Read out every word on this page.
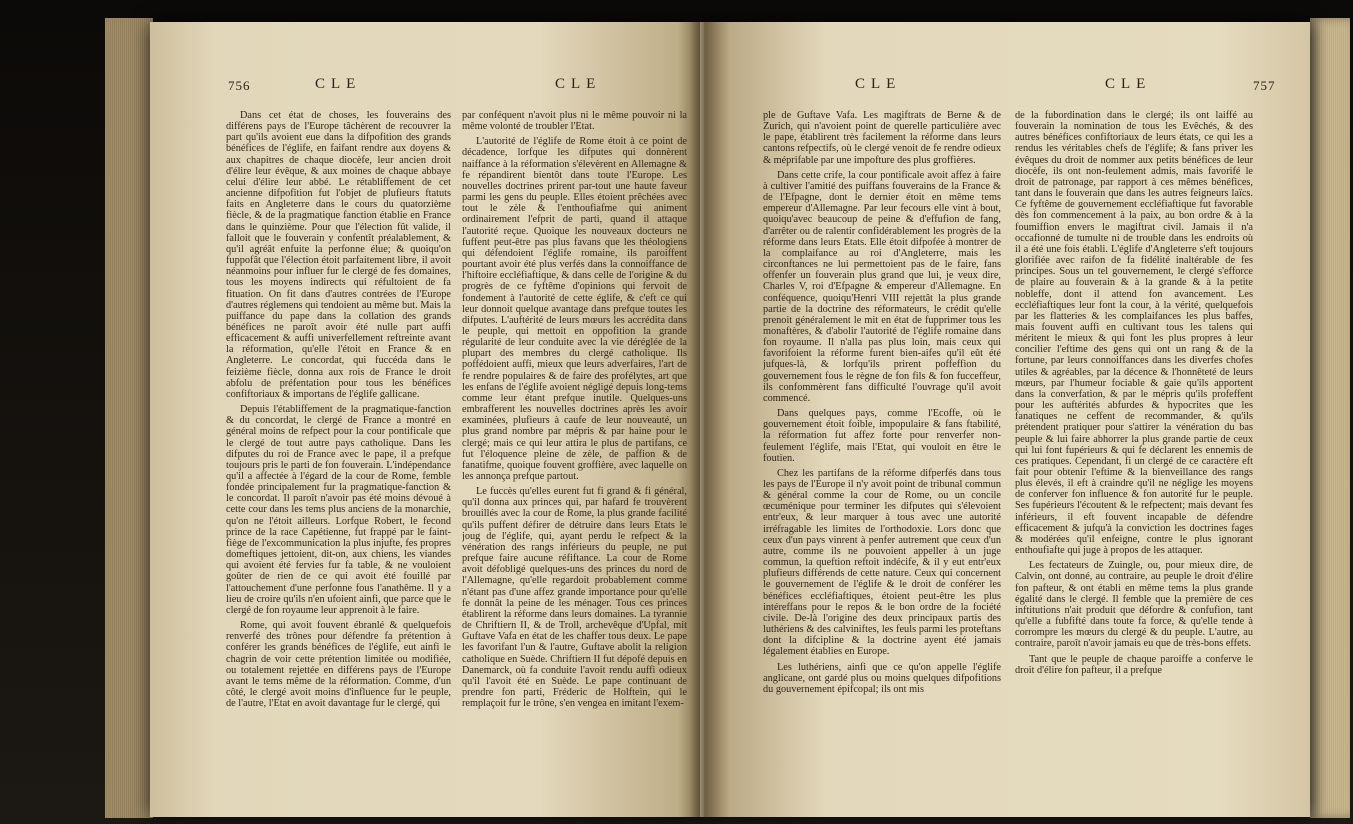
756	CLE	CLE

Dans cet état de choses, les fouverains des différens pays de l'Europe tâchèrent de recouvrer la part qu'ils avoient eue dans la difpofition des grands bénéfices de l'églife, en faifant rendre aux doyens & aux chapitres de chaque diocèfe, leur ancien droit d'élire leur évêque, & aux moines de chaque abbaye celui d'élire leur abbé. Le rétabliffement de cet ancienne difpofition fut l'objet de plufieurs ftatuts faits en Angleterre dans le cours du quatorzième fiècle, & de la pragmatique fanction établie en France dans le quinzième. Pour que l'élection fût valide, il falloit que le fouverain y confentît préalablement, & qu'il agréât enfuite la perfonne élue; & quoiqu'on fuppofât que l'élection étoit parfaitement libre, il avoit néanmoins pour influer fur le clergé de fes domaines, tous les moyens indirects qui réfultoient de fa fituation. On fit dans d'autres contrées de l'Europe d'autres réglemens qui tendoient au même but. Mais la puiffance du pape dans la collation des grands bénéfices ne paroît avoir été nulle part auffi efficacement & auffi univerfellement reftreinte avant la réformation, qu'elle l'étoit en France & en Angleterre. Le concordat, qui fuccéda dans le feizième fiècle, donna aux rois de France le droit abfolu de préfentation pour tous les bénéfices confiftoriaux & importans de l'églife gallicane.

Depuis l'établiffement de la pragmatique-fanction & du concordat, le clergé de France a montré en général moins de refpect pour la cour pontificale que le clergé de tout autre pays catholique. Dans les difputes du roi de France avec le pape, il a prefque toujours pris le parti de fon fouverain. L'indépendance qu'il a affectée à l'égard de la cour de Rome, femble fondée principalement fur la pragmatique-fanction & le concordat. Il paroît n'avoir pas été moins dévoué à cette cour dans les tems plus anciens de la monarchie, qu'on ne l'étoit ailleurs. Lorfque Robert, le fecond prince de la race Capétienne, fut frappé par le faint-fiège de l'excommunication la plus injufte, fes propres domeftiques jettoient, dit-on, aux chiens, les viandes qui avoient été fervies fur fa table, & ne vouloient goûter de rien de ce qui avoit été fouillé par l'attouchement d'une perfonne fous l'anathême. Il y a lieu de croire qu'ils n'en ufoient ainfi, que parce que le clergé de fon royaume leur apprenoit à le faire.

Rome, qui avoit fouvent ébranlé & quelquefois renverfé des trônes pour défendre fa prétention à conférer les grands bénéfices de l'églife, eut ainfi le chagrin de voir cette prétention limitée ou modifiée, ou totalement rejettée en différens pays de l'Europe avant le tems même de la réformation. Comme, d'un côté, le clergé avoit moins d'influence fur le peuple, de l'autre, l'Etat en avoit davantage fur le clergé, qui

par conféquent n'avoit plus ni le même pouvoir ni la même volonté de troubler l'Etat.

L'autorité de l'églife de Rome étoit à ce point de décadence, lorfque les difputes qui donnèrent naiffance à la réformation s'élevèrent en Allemagne & fe répandirent bientôt dans toute l'Europe. Les nouvelles doctrines prirent par-tout une haute faveur parmi les gens du peuple. Elles étoient prêchées avec tout le zèle & l'enthoufiafme qui animent ordinairement l'efprit de parti, quand il attaque l'autorité reçue. Quoique les nouveaux docteurs ne fuffent peut-être pas plus favans que les théologiens qui défendoient l'églife romaine, ils paroiffent pourtant avoir été plus verfés dans la connoiffance de l'hiftoire eccléfiaftique, & dans celle de l'origine & du progrès de ce fyftême d'opinions qui fervoit de fondement à l'autorité de cette églife, & c'eft ce qui leur donnoit quelque avantage dans prefque toutes les difputes. L'auftérité de leurs mœurs les accrédita dans le peuple, qui mettoit en oppofition la grande régularité de leur conduite avec la vie déréglée de la plupart des membres du clergé catholique. Ils poffédoient auffi, mieux que leurs adverfaires, l'art de fe rendre populaires & de faire des profélytes, art que les enfans de l'églife avoient négligé depuis long-tems comme leur étant prefque inutile. Quelques-uns embrafferent les nouvelles doctrines après les avoir examinées, plufieurs à caufe de leur nouveauté, un plus grand nombre par mépris & par haine pour le clergé; mais ce qui leur attira le plus de partifans, ce fut l'éloquence pleine de zèle, de paffion & de fanatifme, quoique fouvent groffière, avec laquelle on les annonça prefque partout.

Le fuccès qu'elles eurent fut fi grand & fi général, qu'il donna aux princes qui, par hafard fe trouvèrent brouillés avec la cour de Rome, la plus grande facilité qu'ils puffent défirer de détruire dans leurs Etats le joug de l'églife, qui, ayant perdu le refpect & la vénération des rangs inférieurs du peuple, ne put prefque faire aucune réfiftance. La cour de Rome avoit défobligé quelques-uns des princes du nord de l'Allemagne, qu'elle regardoit probablement comme n'étant pas d'une affez grande importance pour qu'elle fe donnât la peine de les ménager. Tous ces princes établirent la réforme dans leurs domaines. La tyrannie de Chriftiern II, & de Troll, archevêque d'Upfal, mit Guftave Vafa en état de les chaffer tous deux. Le pape les favorifant l'un & l'autre, Guftave abolit la religion catholique en Suède. Chriftiern II fut dépofé depuis en Danemarck, où fa conduite l'avoit rendu auffi odieux qu'il l'avoit été en Suède. Le pape continuant de prendre fon parti, Fréderic de Holftein, qui le remplaçoit fur le trône, s'en vengea en imitant l'exem-

CLE	CLE	757

ple de Guftave Vafa. Les magiftrats de Berne & de Zurich, qui n'avoient point de querelle particulière avec le pape, établirent très facilement la réforme dans leurs cantons refpectifs, où le clergé venoit de fe rendre odieux & méprifable par une impofture des plus groffières.

Dans cette crife, la cour pontificale avoit affez à faire à cultiver l'amitié des puiffans fouverains de la France & de l'Efpagne, dont le dernier étoit en même tems empereur d'Allemagne. Par leur fecours elle vint à bout, quoiqu'avec beaucoup de peine & d'effufion de fang, d'arrêter ou de ralentir confidérablement les progrès de la réforme dans leurs Etats. Elle étoit difpofée à montrer de la complaifance au roi d'Angleterre, mais les circonftances ne lui permettoient pas de le faire, fans offenfer un fouverain plus grand que lui, je veux dire, Charles V, roi d'Efpagne & empereur d'Allemagne. En conféquence, quoiqu'Henri VIII rejettât la plus grande partie de la doctrine des réformateurs, le crédit qu'elle prenoit généralement le mit en état de fupprimer tous les monaftères, & d'abolir l'autorité de l'églife romaine dans fon royaume. Il n'alla pas plus loin, mais ceux qui favorifoient la réforme furent bien-aifes qu'il eût été jufques-là, & lorfqu'ils prirent poffeffion du gouvernement fous le règne de fon fils & fon fucceffeur, ils confommèrent fans difficulté l'ouvrage qu'il avoit commencé.

Dans quelques pays, comme l'Ecoffe, où le gouvernement étoit foible, impopulaire & fans ftabilité, la réformation fut affez forte pour renverfer non-feulement l'églife, mais l'Etat, qui vouloit en être le foutien.

Chez les partifans de la réforme difperfés dans tous les pays de l'Europe il n'y avoit point de tribunal commun & général comme la cour de Rome, ou un concile œcuménique pour terminer les difputes qui s'élevoient entr'eux, & leur marquer à tous avec une autorité irréfragable les limites de l'orthodoxie. Lors donc que ceux d'un pays vinrent à penfer autrement que ceux d'un autre, comme ils ne pouvoient appeller à un juge commun, la queftion reftoit indécife, & il y eut entr'eux plufieurs différends de cette nature. Ceux qui concernent le gouvernement de l'églife & le droit de conférer les bénéfices eccléfiaftiques, étoient peut-être les plus intéreffans pour le repos & le bon ordre de la fociété civile. De-là l'origine des deux principaux partis des luthériens & des calviniftes, les feuls parmi les proteftans dont la difcipline & la doctrine ayent été jamais légalement établies en Europe.

Les luthériens, ainfi que ce qu'on appelle l'églife anglicane, ont gardé plus ou moins quelques difpofitions du gouvernement épifcopal; ils ont mis

de la fubordination dans le clergé; ils ont laiffé au fouverain la nomination de tous les Evêchés, & des autres bénéfices confiftoriaux de leurs états, ce qui les a rendus les véritables chefs de l'églife; & fans priver les évêques du droit de nommer aux petits bénéfices de leur diocèfe, ils ont non-feulement admis, mais favorifé le droit de patronage, par rapport à ces mêmes bénéfices, tant dans le fouverain que dans les autres feigneurs laïcs. Ce fyftême de gouvernement eccléfiaftique fut favorable dès fon commencement à la paix, au bon ordre & à la foumiffion envers le magiftrat civil. Jamais il n'a occafionné de tumulte ni de trouble dans les endroits où il a été une fois établi. L'églife d'Angleterre s'eft toujours glorifiée avec raifon de fa fidélité inaltérable de fes principes. Sous un tel gouvernement, le clergé s'efforce de plaire au fouverain & à la grande & à la petite nobleffe, dont il attend fon avancement. Les eccléfiaftiques leur font la cour, à la vérité, quelquefois par les flatteries & les complaifances les plus baffes, mais fouvent auffi en cultivant tous les talens qui méritent le mieux & qui font les plus propres à leur concilier l'eftime des gens qui ont un rang & de la fortune, par leurs connoiffances dans les diverfes chofes utiles & agréables, par la décence & l'honnêteté de leurs mœurs, par l'humeur fociable & gaie qu'ils apportent dans la converfation, & par le mépris qu'ils profeffent pour les auftérités abfurdes & hypocrites que les fanatiques ne ceffent de recommander, & qu'ils prétendent pratiquer pour s'attirer la vénération du bas peuple & lui faire abhorrer la plus grande partie de ceux qui lui font fupérieurs & qui fe déclarent les ennemis de ces pratiques. Cependant, fi un clergé de ce caractère eft fait pour obtenir l'eftime & la bienveillance des rangs plus élevés, il eft à craindre qu'il ne néglige les moyens de conferver fon influence & fon autorité fur le peuple. Ses fupérieurs l'écoutent & le refpectent; mais devant fes inférieurs, il eft fouvent incapable de défendre efficacement & jufqu'à la conviction les doctrines fages & modérées qu'il enfeigne, contre le plus ignorant enthoufiafte qui juge à propos de les attaquer.

Les fectateurs de Zuingle, ou, pour mieux dire, de Calvin, ont donné, au contraire, au peuple le droit d'élire fon pafteur, & ont établi en même tems la plus grande égalité dans le clergé. Il femble que la première de ces inftitutions n'ait produit que défordre & confufion, tant qu'elle a fubfifté dans toute fa force, & qu'elle tende à corrompre les mœurs du clergé & du peuple. L'autre, au contraire, paroît n'avoir jamais eu que de très-bons effets.

Tant que le peuple de chaque paroiffe a conferve le droit d'élire fon pafteur, il a prefque
